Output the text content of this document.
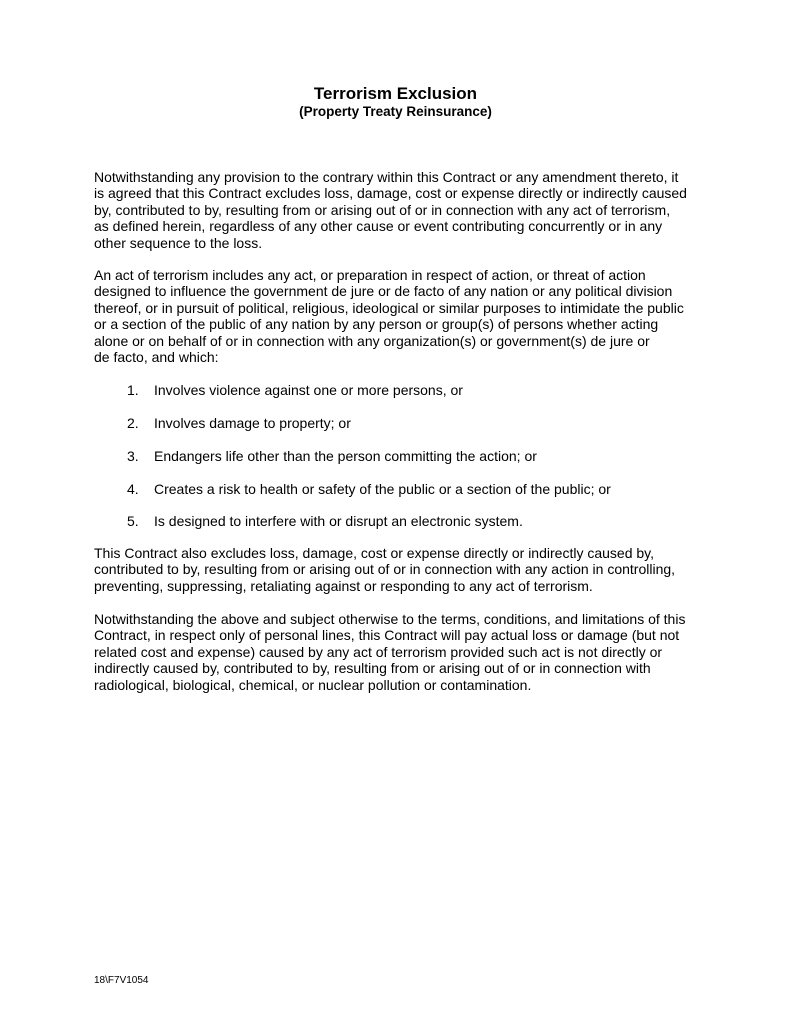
Terrorism Exclusion
(Property Treaty Reinsurance)
Notwithstanding any provision to the contrary within this Contract or any amendment thereto, it
is agreed that this Contract excludes loss, damage, cost or expense directly or indirectly caused
by, contributed to by, resulting from or arising out of or in connection with any act of terrorism,
as defined herein, regardless of any other cause or event contributing concurrently or in any
other sequence to the loss.
An act of terrorism includes any act, or preparation in respect of action, or threat of action
designed to influence the government de jure or de facto of any nation or any political division
thereof, or in pursuit of political, religious, ideological or similar purposes to intimidate the public
or a section of the public of any nation by any person or group(s) of persons whether acting
alone or on behalf of or in connection with any organization(s) or government(s) de jure or
de facto, and which:
1. Involves violence against one or more persons, or
2. Involves damage to property; or
3. Endangers life other than the person committing the action; or
4. Creates a risk to health or safety of the public or a section of the public; or
5. Is designed to interfere with or disrupt an electronic system.
This Contract also excludes loss, damage, cost or expense directly or indirectly caused by,
contributed to by, resulting from or arising out of or in connection with any action in controlling,
preventing, suppressing, retaliating against or responding to any act of terrorism.
Notwithstanding the above and subject otherwise to the terms, conditions, and limitations of this
Contract, in respect only of personal lines, this Contract will pay actual loss or damage (but not
related cost and expense) caused by any act of terrorism provided such act is not directly or
indirectly caused by, contributed to by, resulting from or arising out of or in connection with
radiological, biological, chemical, or nuclear pollution or contamination.
18\F7V1054
